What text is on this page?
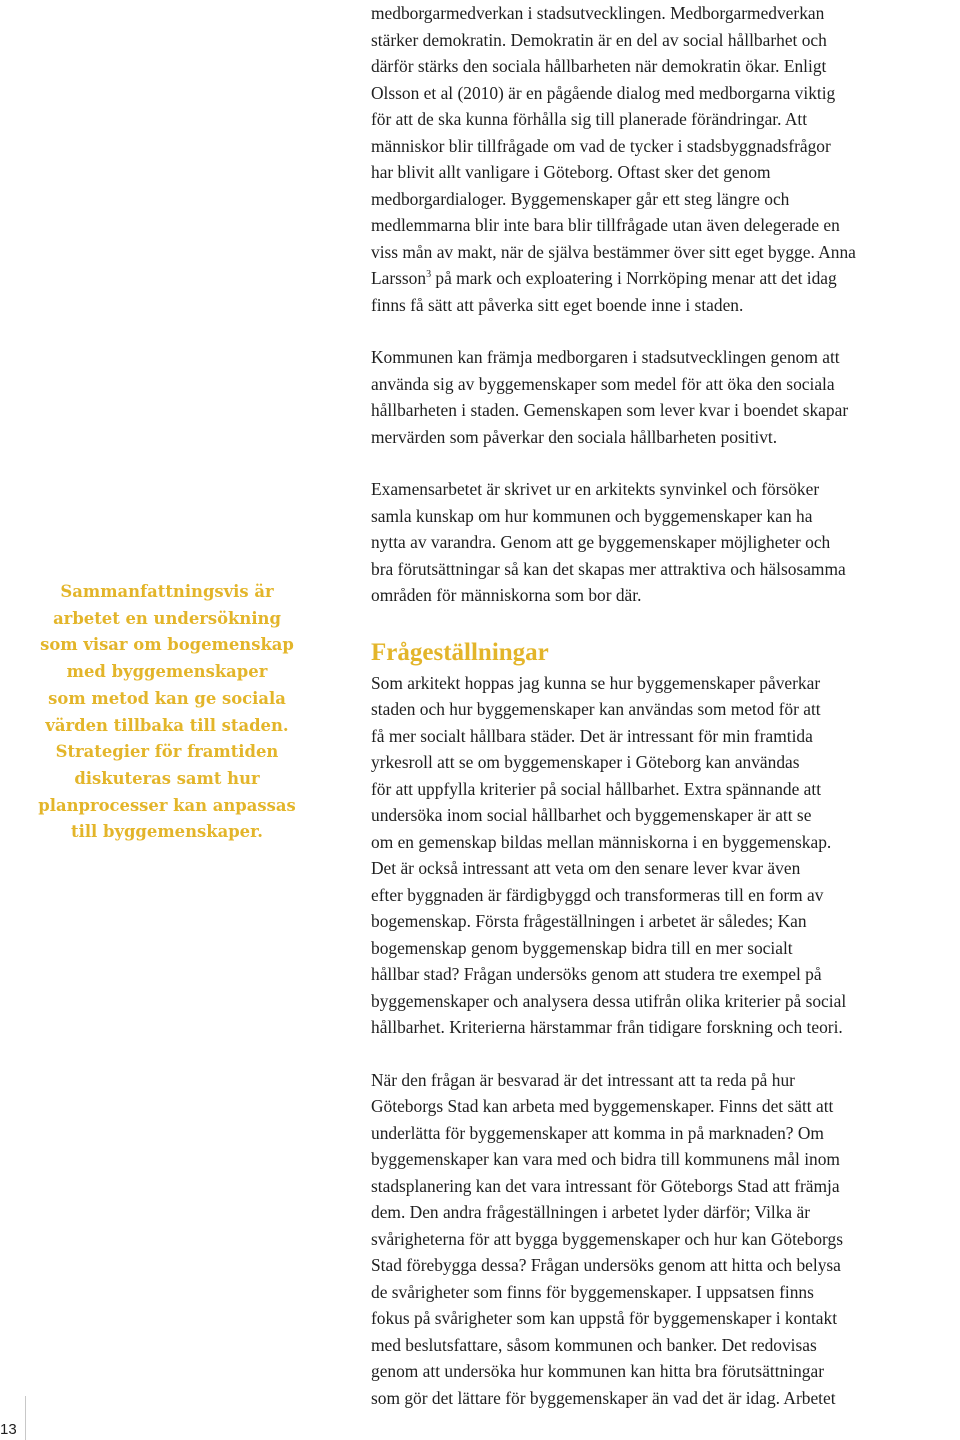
medborgarmedverkan i stadsutvecklingen. Medborgarmedverkan
stärker demokratin. Demokratin är en del av social hållbarhet och
därför stärks den sociala hållbarheten när demokratin ökar. Enligt
Olsson et al (2010) är en pågående dialog med medborgarna viktig
för att de ska kunna förhålla sig till planerade förändringar. Att
människor blir tillfrågade om vad de tycker i stadsbyggnadsfrågor
har blivit allt vanligare i Göteborg. Oftast sker det genom
medborgardialoger. Byggemenskaper går ett steg längre och
medlemmarna blir inte bara blir tillfrågade utan även delegerade en
viss mån av makt, när de själva bestämmer över sitt eget bygge. Anna
Larsson$^3$ på mark och exploatering i Norrköping menar att det idag
finns få sätt att påverka sitt eget boende inne i staden.

Kommunen kan främja medborgaren i stadsutvecklingen genom att
använda sig av byggemenskaper som medel för att öka den sociala
hållbarheten i staden. Gemenskapen som lever kvar i boendet skapar
mervärden som påverkar den sociala hållbarheten positivt.

Examensarbetet är skrivet ur en arkitekts synvinkel och försöker
samla kunskap om hur kommunen och byggemenskaper kan ha
nytta av varandra. Genom att ge byggemenskaper möjligheter och
bra förutsättningar så kan det skapas mer attraktiva och hälsosamma
områden för människorna som bor där.

Frågeställningar

Som arkitekt hoppas jag kunna se hur byggemenskaper påverkar
staden och hur byggemenskaper kan användas som metod för att
få mer socialt hållbara städer. Det är intressant för min framtida
yrkesroll att se om byggemenskaper i Göteborg kan användas
för att uppfylla kriterier på social hållbarhet. Extra spännande att
undersöka inom social hållbarhet och byggemenskaper är att se
om en gemenskap bildas mellan människorna i en byggemenskap.
Det är också intressant att veta om den senare lever kvar även
efter byggnaden är färdigbyggd och transformeras till en form av
bogemenskap. Första frågeställningen i arbetet är således; Kan
bogemenskap genom byggemenskap bidra till en mer socialt
hållbar stad? Frågan undersöks genom att studera tre exempel på
byggemenskaper och analysera dessa utifrån olika kriterier på social
hållbarhet. Kriterierna härstammar från tidigare forskning och teori.

När den frågan är besvarad är det intressant att ta reda på hur
Göteborgs Stad kan arbeta med byggemenskaper. Finns det sätt att
underlätta för byggemenskaper att komma in på marknaden? Om
byggemenskaper kan vara med och bidra till kommunens mål inom
stadsplanering kan det vara intressant för Göteborgs Stad att främja
dem. Den andra frågeställningen i arbetet lyder därför; Vilka är
svårigheterna för att bygga byggemenskaper och hur kan Göteborgs
Stad förebygga dessa? Frågan undersöks genom att hitta och belysa
de svårigheter som finns för byggemenskaper. I uppsatsen finns
fokus på svårigheter som kan uppstå för byggemenskaper i kontakt
med beslutsfattare, såsom kommunen och banker. Det redovisas
genom att undersöka hur kommunen kan hitta bra förutsättningar
som gör det lättare för byggemenskaper än vad det är idag. Arbetet

Sammanfattningsvis är
arbetet en undersökning
som visar om bogemenskap
med byggemenskaper
som metod kan ge sociala
värden tillbaka till staden.
Strategier för framtiden
diskuteras samt hur
planprocesser kan anpassas
till byggemenskaper.
13
